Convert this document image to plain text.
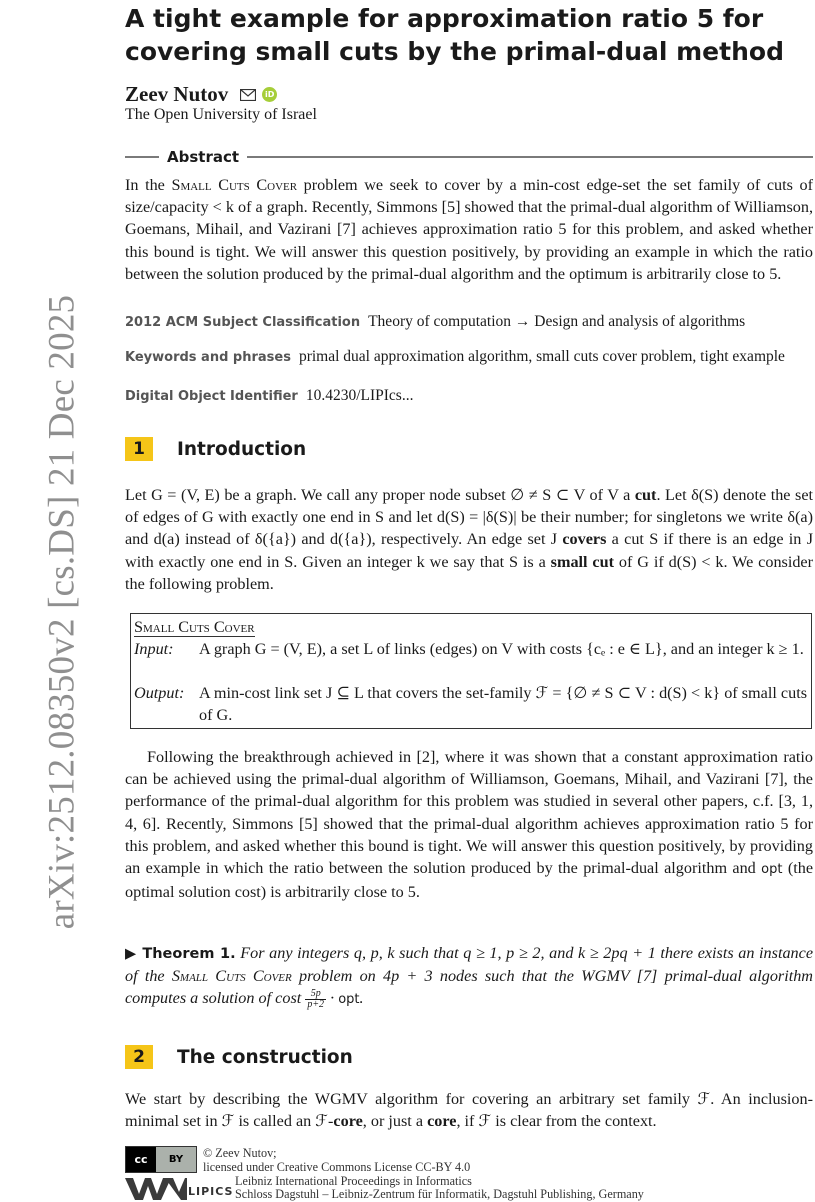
arXiv:2512.08350v2 [cs.DS] 21 Dec 2025
A tight example for approximation ratio 5 for
covering small cuts by the primal-dual method
Zeev Nutov	iD
The Open University of Israel
Abstract
In the Small Cuts Cover problem we seek to cover by a min-cost edge-set the set family of cuts of size/capacity < k of a graph. Recently, Simmons [5] showed that the primal-dual algorithm of Williamson, Goemans, Mihail, and Vazirani [7] achieves approximation ratio 5 for this problem, and asked whether this bound is tight. We will answer this question positively, by providing an example in which the ratio between the solution produced by the primal-dual algorithm and the optimum is arbitrarily close to 5.
2012 ACM Subject Classification Theory of computation → Design and analysis of algorithms
Keywords and phrases primal dual approximation algorithm, small cuts cover problem, tight example
Digital Object Identifier 10.4230/LIPIcs...
1	Introduction
Let G = (V, E) be a graph. We call any proper node subset ∅ ≠ S ⊂ V of V a cut. Let δ(S) denote the set of edges of G with exactly one end in S and let d(S) = |δ(S)| be their number; for singletons we write δ(a) and d(a) instead of δ({a}) and d({a}), respectively. An edge set J covers a cut S if there is an edge in J with exactly one end in S. Given an integer k we say that S is a small cut of G if d(S) < k. We consider the following problem.
Small Cuts Cover
Input: A graph G = (V, E), a set L of links (edges) on V with costs {cₑ : e ∈ L}, and an integer k ≥ 1.
Output: A min-cost link set J ⊆ L that covers the set-family ℱ = {∅ ≠ S ⊂ V : d(S) < k} of small cuts of G.
Following the breakthrough achieved in [2], where it was shown that a constant approximation ratio can be achieved using the primal-dual algorithm of Williamson, Goemans, Mihail, and Vazirani [7], the performance of the primal-dual algorithm for this problem was studied in several other papers, c.f. [3, 1, 4, 6]. Recently, Simmons [5] showed that the primal-dual algorithm achieves approximation ratio 5 for this problem, and asked whether this bound is tight. We will answer this question positively, by providing an example in which the ratio between the solution produced by the primal-dual algorithm and opt (the optimal solution cost) is arbitrarily close to 5.
▶ Theorem 1. For any integers q, p, k such that q ≥ 1, p ≥ 2, and k ≥ 2pq + 1 there exists an instance of the Small Cuts Cover problem on 4p + 3 nodes such that the WGMV [7] primal-dual algorithm computes a solution of cost $\frac{5p}{p+2}$ · opt.
2	The construction
We start by describing the WGMV algorithm for covering an arbitrary set family ℱ. An inclusion-minimal set in ℱ is called an ℱ-core, or just a core, if ℱ is clear from the context.
cc	BY
LIPICS
© Zeev Nutov;
licensed under Creative Commons License CC-BY 4.0
Leibniz International Proceedings in Informatics
Schloss Dagstuhl – Leibniz-Zentrum für Informatik, Dagstuhl Publishing, Germany
